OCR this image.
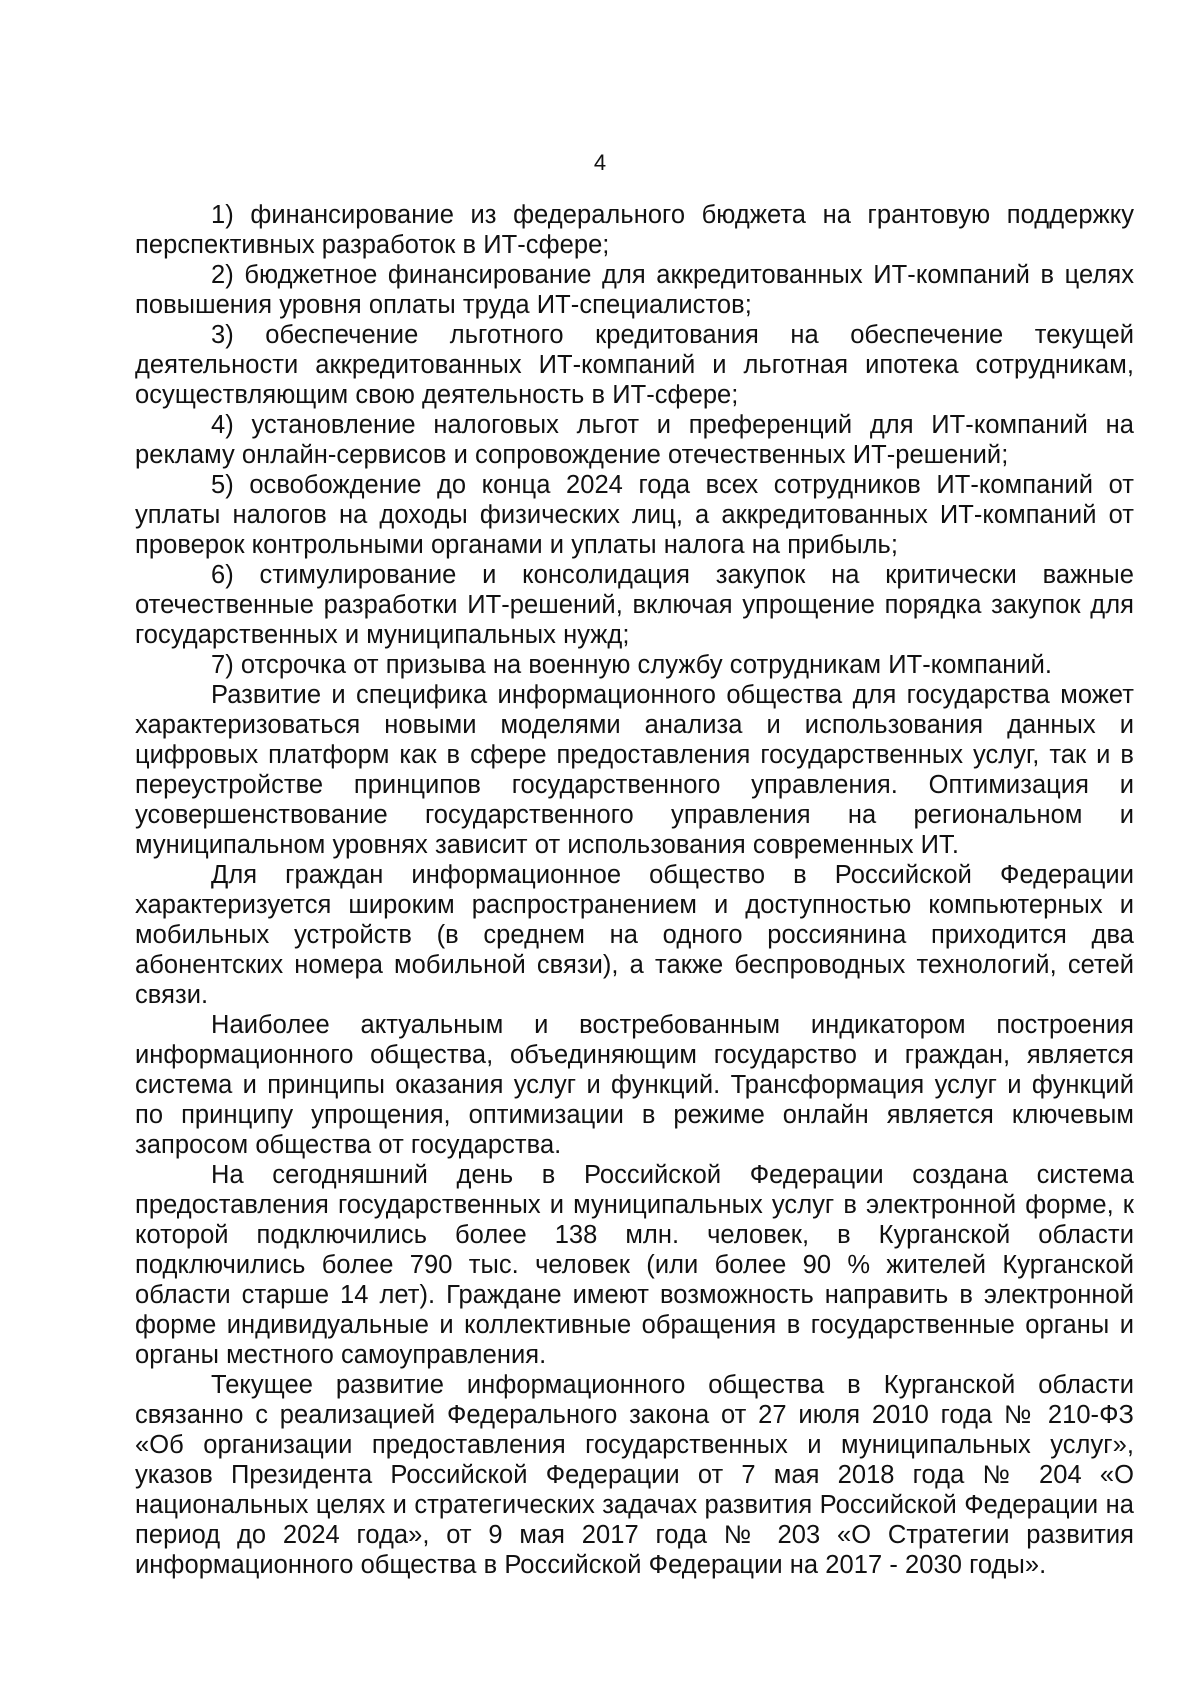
4

1) финансирование из федерального бюджета на грантовую поддержку перспективных разработок в ИТ-сфере;

2) бюджетное финансирование для аккредитованных ИТ-компаний в целях повышения уровня оплаты труда ИТ-специалистов;

3) обеспечение льготного кредитования на обеспечение текущей деятельности аккредитованных ИТ-компаний и льготная ипотека сотрудникам, осуществляющим свою деятельность в ИТ-сфере;

4) установление налоговых льгот и преференций для ИТ-компаний на рекламу онлайн-сервисов и сопровождение отечественных ИТ-решений;

5) освобождение до конца 2024 года всех сотрудников ИТ-компаний от уплаты налогов на доходы физических лиц, а аккредитованных ИТ-компаний от проверок контрольными органами и уплаты налога на прибыль;

6) стимулирование и консолидация закупок на критически важные отечественные разработки ИТ-решений, включая упрощение порядка закупок для государственных и муниципальных нужд;

7) отсрочка от призыва на военную службу сотрудникам ИТ-компаний.

Развитие и специфика информационного общества для государства может характеризоваться новыми моделями анализа и использования данных и цифровых платформ как в сфере предоставления государственных услуг, так и в переустройстве принципов государственного управления. Оптимизация и усовершенствование государственного управления на региональном и муниципальном уровнях зависит от использования современных ИТ.

Для граждан информационное общество в Российской Федерации характеризуется широким распространением и доступностью компьютерных и мобильных устройств (в среднем на одного россиянина приходится два абонентских номера мобильной связи), а также беспроводных технологий, сетей связи.

Наиболее актуальным и востребованным индикатором построения информационного общества, объединяющим государство и граждан, является система и принципы оказания услуг и функций. Трансформация услуг и функций по принципу упрощения, оптимизации в режиме онлайн является ключевым запросом общества от государства.

На сегодняшний день в Российской Федерации создана система предоставления государственных и муниципальных услуг в электронной форме, к которой подключились более 138 млн. человек, в Курганской области подключились более 790 тыс. человек (или более 90 % жителей Курганской области старше 14 лет). Граждане имеют возможность направить в электронной форме индивидуальные и коллективные обращения в государственные органы и органы местного самоуправления.

Текущее развитие информационного общества в Курганской области связанно с реализацией Федерального закона от 27 июля 2010 года № 210-ФЗ «Об организации предоставления государственных и муниципальных услуг», указов Президента Российской Федерации от 7 мая 2018 года № 204 «О национальных целях и стратегических задачах развития Российской Федерации на период до 2024 года», от 9 мая 2017 года № 203 «О Стратегии развития информационного общества в Российской Федерации на 2017 - 2030 годы».
